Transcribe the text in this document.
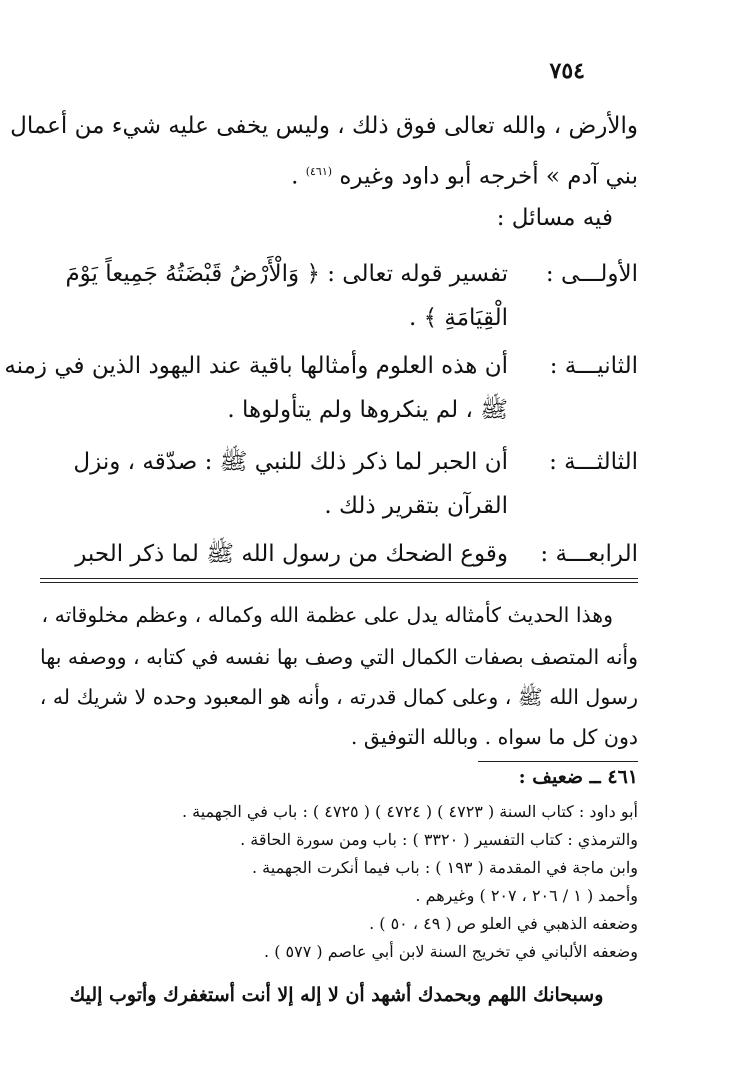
٧٥٤
والأرض ، والله تعالى فوق ذلك ، وليس يخفى عليه شيء من أعمال
بني آدم » أخرجه أبو داود وغيره $^{(٤٦١)}$ .
فيه مسائل :
الأولـــى :
تفسير قوله تعالى : ﴿ وَالْأَرْضُ قَبْضَتُهُ جَمِيعاً يَوْمَ
الْقِيَامَةِ ﴾ .
الثانيـــة :
أن هذه العلوم وأمثالها باقية عند اليهود الذين في زمنه
ﷺ ، لم ينكروها ولم يتأولوها .
الثالثـــة :
أن الحبر لما ذكر ذلك للنبي ﷺ : صدّقه ، ونزل
القرآن بتقرير ذلك .
الرابعـــة :
وقوع الضحك من رسول الله ﷺ لما ذكر الحبر
وهذا الحديث كأمثاله يدل على عظمة الله وكماله ، وعظم مخلوقاته ،
وأنه المتصف بصفات الكمال التي وصف بها نفسه في كتابه ، ووصفه بها
رسول الله ﷺ ، وعلى كمال قدرته ، وأنه هو المعبود وحده لا شريك له ،
دون كل ما سواه . وبالله التوفيق .
٤٦١ ــ ضعيف :
أبو داود : كتاب السنة ( ٤٧٢٣ ) ( ٤٧٢٤ ) ( ٤٧٢٥ ) : باب في الجهمية .
والترمذي : كتاب التفسير ( ٣٣٢٠ ) : باب ومن سورة الحاقة .
وابن ماجة في المقدمة ( ١٩٣ ) : باب فيما أنكرت الجهمية .
وأحمد ( ١ / ٢٠٦ ، ٢٠٧ ) وغيرهم .
وضعفه الذهبي في العلو ص ( ٤٩ ، ٥٠ ) .
وضعفه الألباني في تخريج السنة لابن أبي عاصم ( ٥٧٧ ) .
وسبحانك اللهم وبحمدك أشهد أن لا إله إلا أنت أستغفرك وأتوب إليك
